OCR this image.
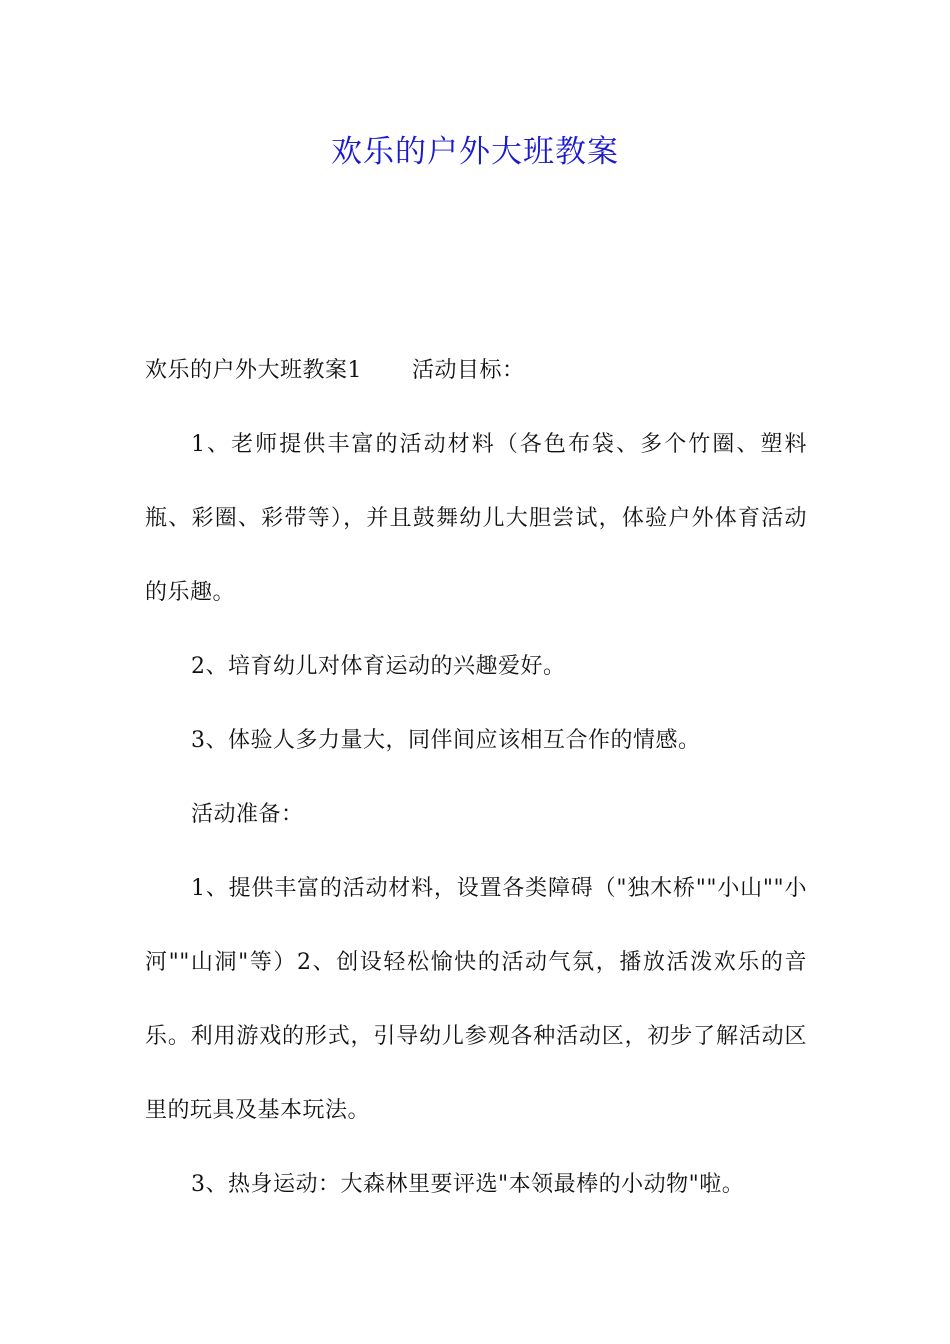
欢乐的户外大班教案

欢乐的户外大班教案1 活动目标：

1、老师提供丰富的活动材料（各色布袋、多个竹圈、塑料瓶、彩圈、彩带等），并且鼓舞幼儿大胆尝试，体验户外体育活动的乐趣。

2、培育幼儿对体育运动的兴趣爱好。

3、体验人多力量大，同伴间应该相互合作的情感。

活动准备：

1、提供丰富的活动材料，设置各类障碍（"独木桥""小山""小河""山洞"等）2、创设轻松愉快的活动气氛，播放活泼欢乐的音乐。利用游戏的形式，引导幼儿参观各种活动区，初步了解活动区里的玩具及基本玩法。

3、热身运动：大森林里要评选"本领最棒的小动物"啦。
